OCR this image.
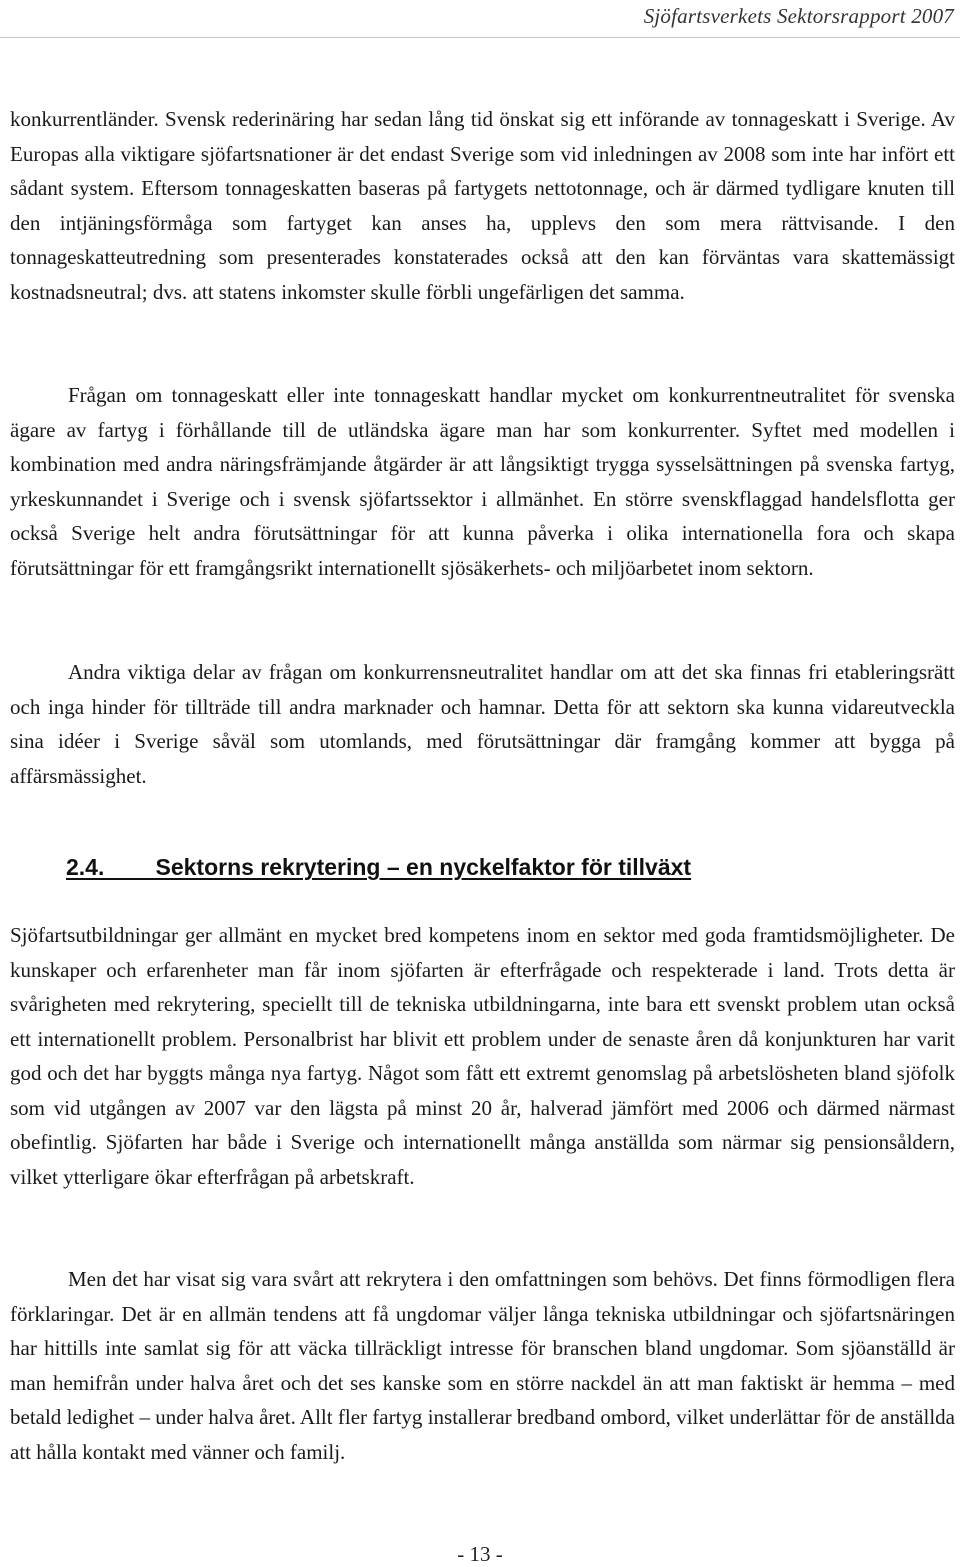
Sjöfartsverkets Sektorsrapport 2007

konkurrentländer. Svensk rederinäring har sedan lång tid önskat sig ett införande av tonnageskatt i Sverige. Av Europas alla viktigare sjöfartsnationer är det endast Sverige som vid inledningen av 2008 som inte har infört ett sådant system. Eftersom tonnageskatten baseras på fartygets nettotonnage, och är därmed tydligare knuten till den intjäningsförmåga som fartyget kan anses ha, upplevs den som mera rättvisande. I den tonnageskatteutredning som presenterades konstaterades också att den kan förväntas vara skattemässigt kostnadsneutral; dvs. att statens inkomster skulle förbli ungefärligen det samma.

Frågan om tonnageskatt eller inte tonnageskatt handlar mycket om konkurrentneutralitet för svenska ägare av fartyg i förhållande till de utländska ägare man har som konkurrenter. Syftet med modellen i kombination med andra näringsfrämjande åtgärder är att långsiktigt trygga sysselsättningen på svenska fartyg, yrkeskunnandet i Sverige och i svensk sjöfartssektor i allmänhet. En större svenskflaggad handelsflotta ger också Sverige helt andra förutsättningar för att kunna påverka i olika internationella fora och skapa förutsättningar för ett framgångsrikt internationellt sjösäkerhets- och miljöarbetet inom sektorn.

Andra viktiga delar av frågan om konkurrensneutralitet handlar om att det ska finnas fri etableringsrätt och inga hinder för tillträde till andra marknader och hamnar. Detta för att sektorn ska kunna vidareutveckla sina idéer i Sverige såväl som utomlands, med förutsättningar där framgång kommer att bygga på affärsmässighet.

2.4.        Sektorns rekrytering – en nyckelfaktor för tillväxt

Sjöfartsutbildningar ger allmänt en mycket bred kompetens inom en sektor med goda framtidsmöjligheter. De kunskaper och erfarenheter man får inom sjöfarten är efterfrågade och respekterade i land. Trots detta är svårigheten med rekrytering, speciellt till de tekniska utbildningarna, inte bara ett svenskt problem utan också ett internationellt problem. Personalbrist har blivit ett problem under de senaste åren då konjunkturen har varit god och det har byggts många nya fartyg. Något som fått ett extremt genomslag på arbetslösheten bland sjöfolk som vid utgången av 2007 var den lägsta på minst 20 år, halverad jämfört med 2006 och därmed närmast obefintlig. Sjöfarten har både i Sverige och internationellt många anställda som närmar sig pensionsåldern, vilket ytterligare ökar efterfrågan på arbetskraft.

Men det har visat sig vara svårt att rekrytera i den omfattningen som behövs. Det finns förmodligen flera förklaringar. Det är en allmän tendens att få ungdomar väljer långa tekniska utbildningar och sjöfartsnäringen har hittills inte samlat sig för att väcka tillräckligt intresse för branschen bland ungdomar. Som sjöanställd är man hemifrån under halva året och det ses kanske som en större nackdel än att man faktiskt är hemma – med betald ledighet – under halva året. Allt fler fartyg installerar bredband ombord, vilket underlättar för de anställda att hålla kontakt med vänner och familj.

- 13 -
